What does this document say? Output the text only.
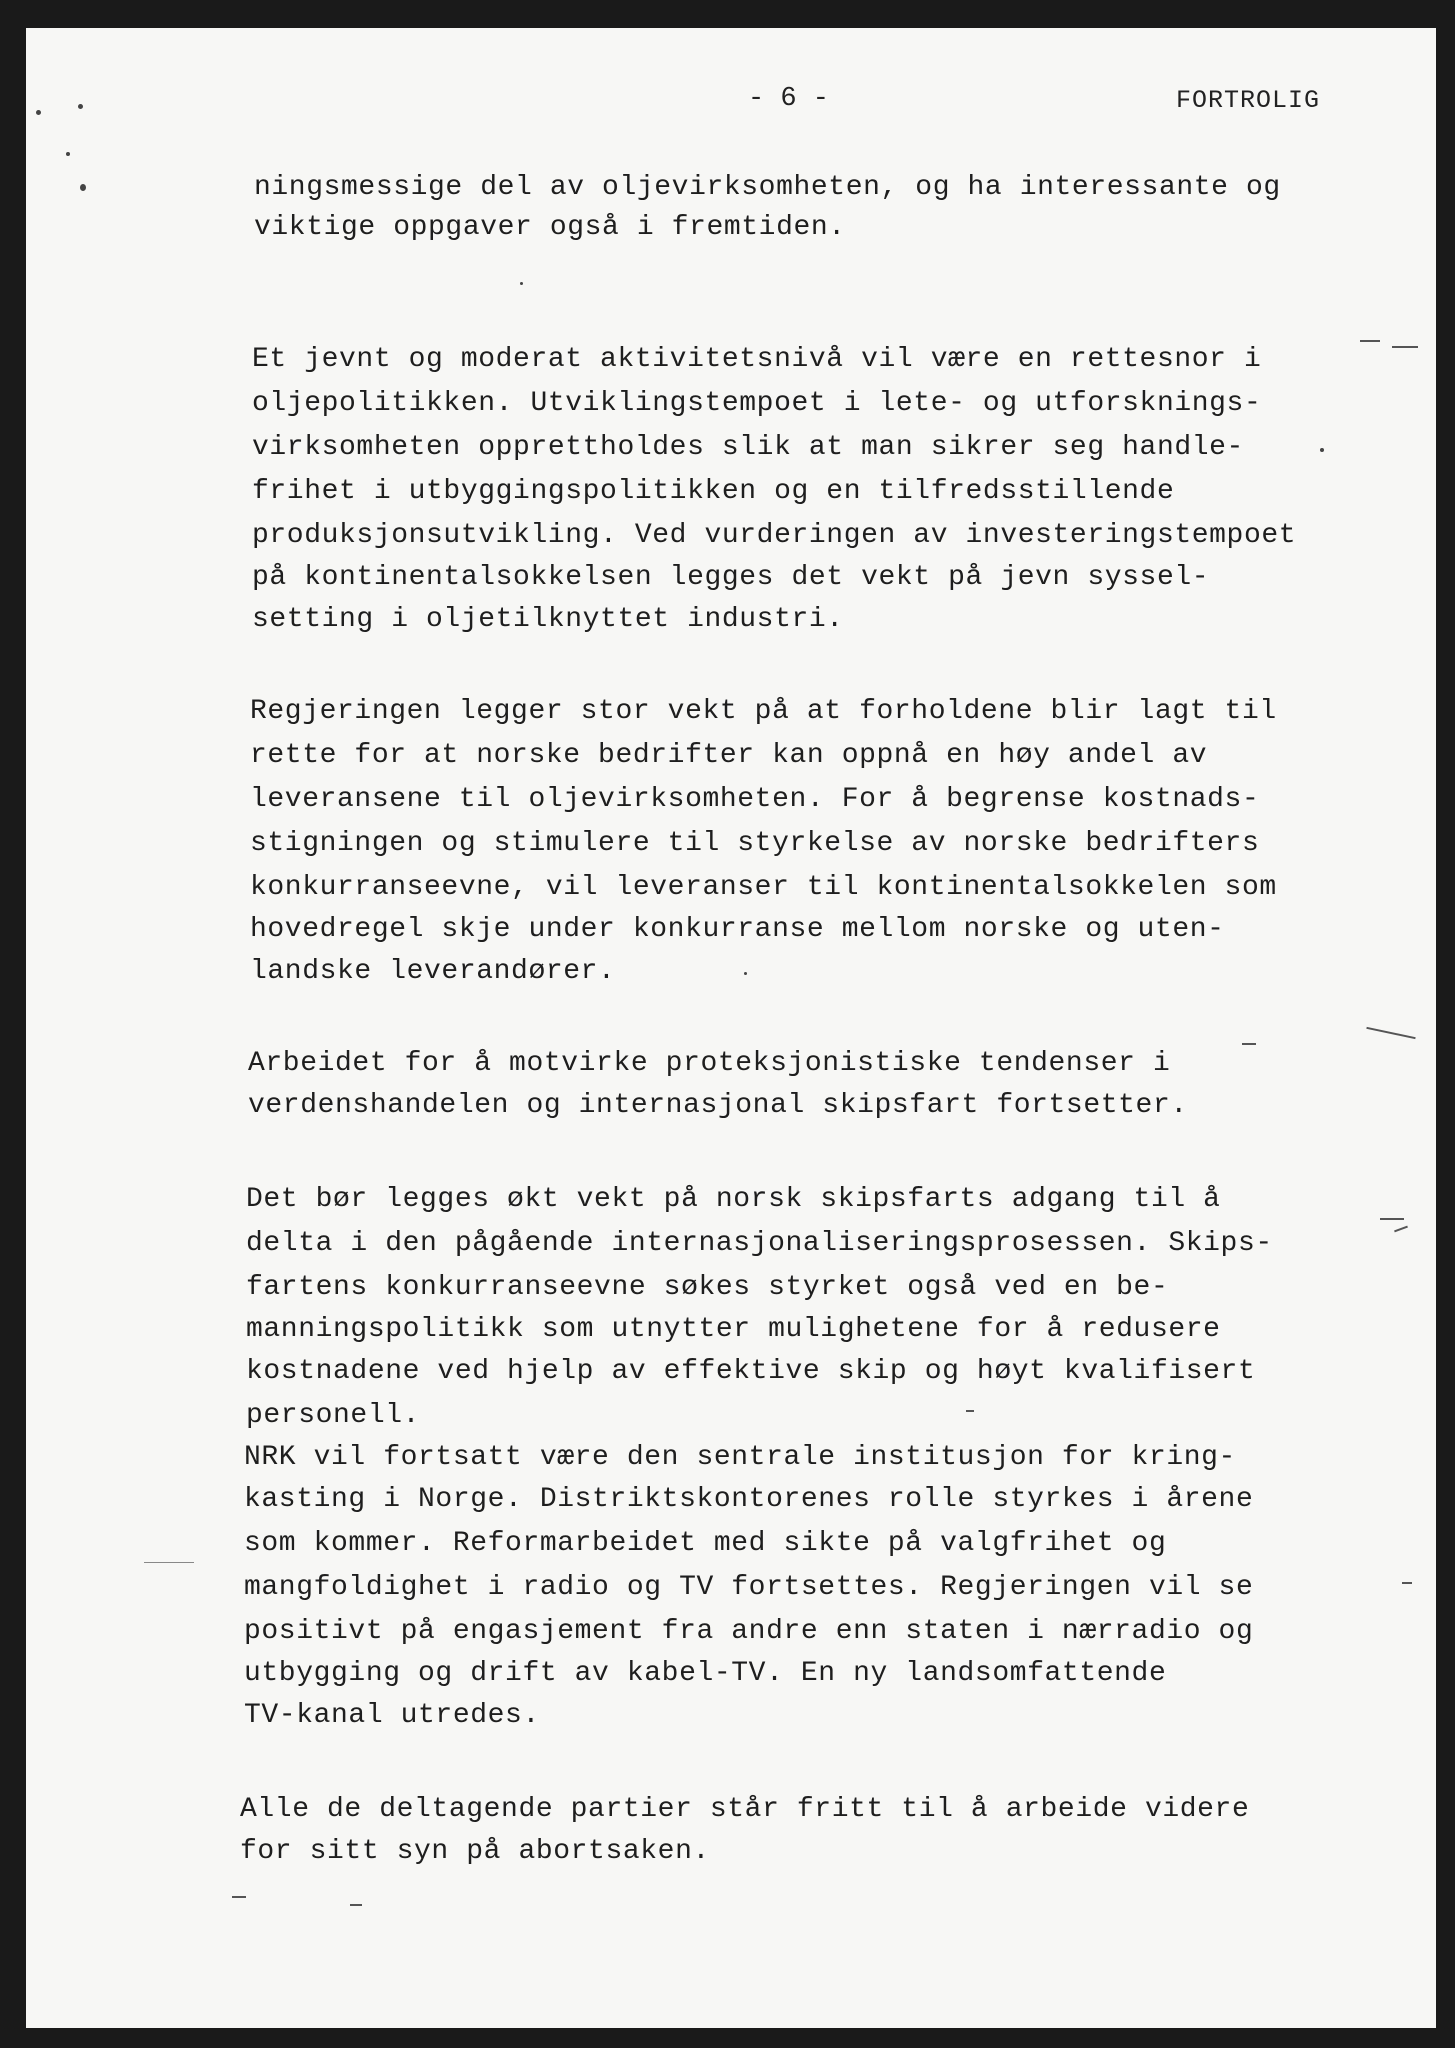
- 6 -	FORTROLIG
ningsmessige del av oljevirksomheten, og ha interessante og
viktige oppgaver også i fremtiden.
Et jevnt og moderat aktivitetsnivå vil være en rettesnor i
oljepolitikken. Utviklingstempoet i lete- og utforsknings-
virksomheten opprettholdes slik at man sikrer seg handle-
frihet i utbyggingspolitikken og en tilfredsstillende
produksjonsutvikling. Ved vurderingen av investeringstempoet
på kontinentalsokkelsen legges det vekt på jevn syssel-
setting i oljetilknyttet industri.
Regjeringen legger stor vekt på at forholdene blir lagt til
rette for at norske bedrifter kan oppnå en høy andel av
leveransene til oljevirksomheten. For å begrense kostnads-
stigningen og stimulere til styrkelse av norske bedrifters
konkurranseevne, vil leveranser til kontinentalsokkelen som
hovedregel skje under konkurranse mellom norske og uten-
landske leverandører.
Arbeidet for å motvirke proteksjonistiske tendenser i
verdenshandelen og internasjonal skipsfart fortsetter.
Det bør legges økt vekt på norsk skipsfarts adgang til å
delta i den pågående internasjonaliseringsprosessen. Skips-
fartens konkurranseevne søkes styrket også ved en be-
manningspolitikk som utnytter mulighetene for å redusere
kostnadene ved hjelp av effektive skip og høyt kvalifisert
personell.
NRK vil fortsatt være den sentrale institusjon for kring-
kasting i Norge. Distriktskontorenes rolle styrkes i årene
som kommer. Reformarbeidet med sikte på valgfrihet og
mangfoldighet i radio og TV fortsettes. Regjeringen vil se
positivt på engasjement fra andre enn staten i nærradio og
utbygging og drift av kabel-TV. En ny landsomfattende
TV-kanal utredes.
Alle de deltagende partier står fritt til å arbeide videre
for sitt syn på abortsaken.
